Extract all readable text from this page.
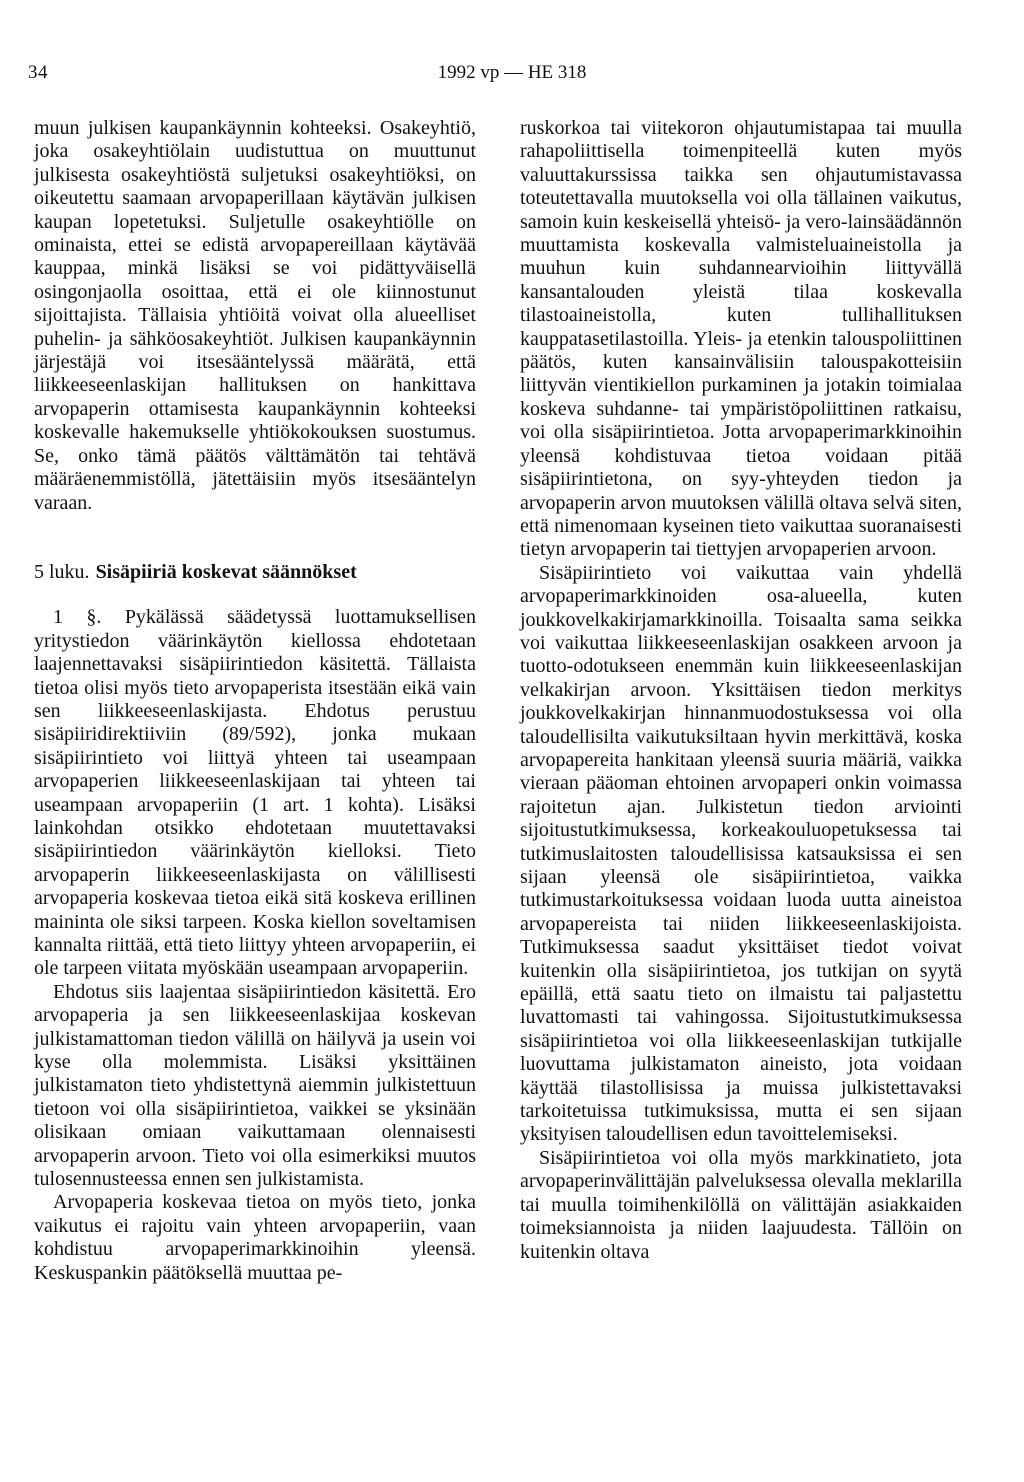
34	1992 vp — HE 318

muun julkisen kaupankäynnin kohteeksi. Osakeyhtiö, joka osakeyhtiölain uudistuttua on muuttunut julkisesta osakeyhtiöstä suljetuksi osakeyhtiöksi, on oikeutettu saamaan arvopaperillaan käytävän julkisen kaupan lopetetuksi. Suljetulle osakeyhtiölle on ominaista, ettei se edistä arvopapereillaan käytävää kauppaa, minkä lisäksi se voi pidättyväisellä osingonjaolla osoittaa, että ei ole kiinnostunut sijoittajista. Tällaisia yhtiöitä voivat olla alueelliset puhelin- ja sähköosakeyhtiöt. Julkisen kaupankäynnin järjestäjä voi itsesääntelyssä määrätä, että liikkeeseenlaskijan hallituksen on hankittava arvopaperin ottamisesta kaupankäynnin kohteeksi koskevalle hakemukselle yhtiökokouksen suostumus. Se, onko tämä päätös välttämätön tai tehtävä määräenemmistöllä, jätettäisiin myös itsesääntelyn varaan.

5 luku. Sisäpiiriä koskevat säännökset

1 §. Pykälässä säädetyssä luottamuksellisen yritystiedon väärinkäytön kiellossa ehdotetaan laajennettavaksi sisäpiirintiedon käsitettä. Tällaista tietoa olisi myös tieto arvopaperista itsestään eikä vain sen liikkeeseenlaskijasta. Ehdotus perustuu sisäpiiridirektiiviin (89/592), jonka mukaan sisäpiirintieto voi liittyä yhteen tai useampaan arvopaperien liikkeeseenlaskijaan tai yhteen tai useampaan arvopaperiin (1 art. 1 kohta). Lisäksi lainkohdan otsikko ehdotetaan muutettavaksi sisäpiirintiedon väärinkäytön kielloksi. Tieto arvopaperin liikkeeseenlaskijasta on välillisesti arvopaperia koskevaa tietoa eikä sitä koskeva erillinen maininta ole siksi tarpeen. Koska kiellon soveltamisen kannalta riittää, että tieto liittyy yhteen arvopaperiin, ei ole tarpeen viitata myöskään useampaan arvopaperiin.

Ehdotus siis laajentaa sisäpiirintiedon käsitettä. Ero arvopaperia ja sen liikkeeseenlaskijaa koskevan julkistamattoman tiedon välillä on häilyvä ja usein voi kyse olla molemmista. Lisäksi yksittäinen julkistamaton tieto yhdistettynä aiemmin julkistettuun tietoon voi olla sisäpiirintietoa, vaikkei se yksinään olisikaan omiaan vaikuttamaan olennaisesti arvopaperin arvoon. Tieto voi olla esimerkiksi muutos tulosennusteessa ennen sen julkistamista.

Arvopaperia koskevaa tietoa on myös tieto, jonka vaikutus ei rajoitu vain yhteen arvopaperiin, vaan kohdistuu arvopaperimarkkinoihin yleensä. Keskuspankin päätöksellä muuttaa pe-

ruskorkoa tai viitekoron ohjautumistapaa tai muulla rahapoliittisella toimenpiteellä kuten myös valuuttakurssissa taikka sen ohjautumistavassa toteutettavalla muutoksella voi olla tällainen vaikutus, samoin kuin keskeisellä yhteisö- ja vero-lainsäädännön muuttamista koskevalla valmisteluaineistolla ja muuhun kuin suhdannearvioihin liittyvällä kansantalouden yleistä tilaa koskevalla tilastoaineistolla, kuten tullihallituksen kauppatasetilastoilla. Yleis- ja etenkin talouspoliittinen päätös, kuten kansainvälisiin talouspakotteisiin liittyvän vientikiellon purkaminen ja jotakin toimialaa koskeva suhdanne- tai ympäristöpoliittinen ratkaisu, voi olla sisäpiirintietoa. Jotta arvopaperimarkkinoihin yleensä kohdistuvaa tietoa voidaan pitää sisäpiirintietona, on syy-yhteyden tiedon ja arvopaperin arvon muutoksen välillä oltava selvä siten, että nimenomaan kyseinen tieto vaikuttaa suoranaisesti tietyn arvopaperin tai tiettyjen arvopaperien arvoon.

Sisäpiirintieto voi vaikuttaa vain yhdellä arvopaperimarkkinoiden osa-alueella, kuten joukkovelkakirjamarkkinoilla. Toisaalta sama seikka voi vaikuttaa liikkeeseenlaskijan osakkeen arvoon ja tuotto-odotukseen enemmän kuin liikkeeseenlaskijan velkakirjan arvoon. Yksittäisen tiedon merkitys joukkovelkakirjan hinnanmuodostuksessa voi olla taloudellisilta vaikutuksiltaan hyvin merkittävä, koska arvopapereita hankitaan yleensä suuria määriä, vaikka vieraan pääoman ehtoinen arvopaperi onkin voimassa rajoitetun ajan. Julkistetun tiedon arviointi sijoitustutkimuksessa, korkeakouluopetuksessa tai tutkimuslaitosten taloudellisissa katsauksissa ei sen sijaan yleensä ole sisäpiirintietoa, vaikka tutkimustarkoituksessa voidaan luoda uutta aineistoa arvopapereista tai niiden liikkeeseenlaskijoista. Tutkimuksessa saadut yksittäiset tiedot voivat kuitenkin olla sisäpiirintietoa, jos tutkijan on syytä epäillä, että saatu tieto on ilmaistu tai paljastettu luvattomasti tai vahingossa. Sijoitustutkimuksessa sisäpiirintietoa voi olla liikkeeseenlaskijan tutkijalle luovuttama julkistamaton aineisto, jota voidaan käyttää tilastollisissa ja muissa julkistettavaksi tarkoitetuissa tutkimuksissa, mutta ei sen sijaan yksityisen taloudellisen edun tavoittelemiseksi.

Sisäpiirintietoa voi olla myös markkinatieto, jota arvopaperinvälittäjän palveluksessa olevalla meklarilla tai muulla toimihenkilöllä on välittäjän asiakkaiden toimeksiannoista ja niiden laajuudesta. Tällöin on kuitenkin oltava
